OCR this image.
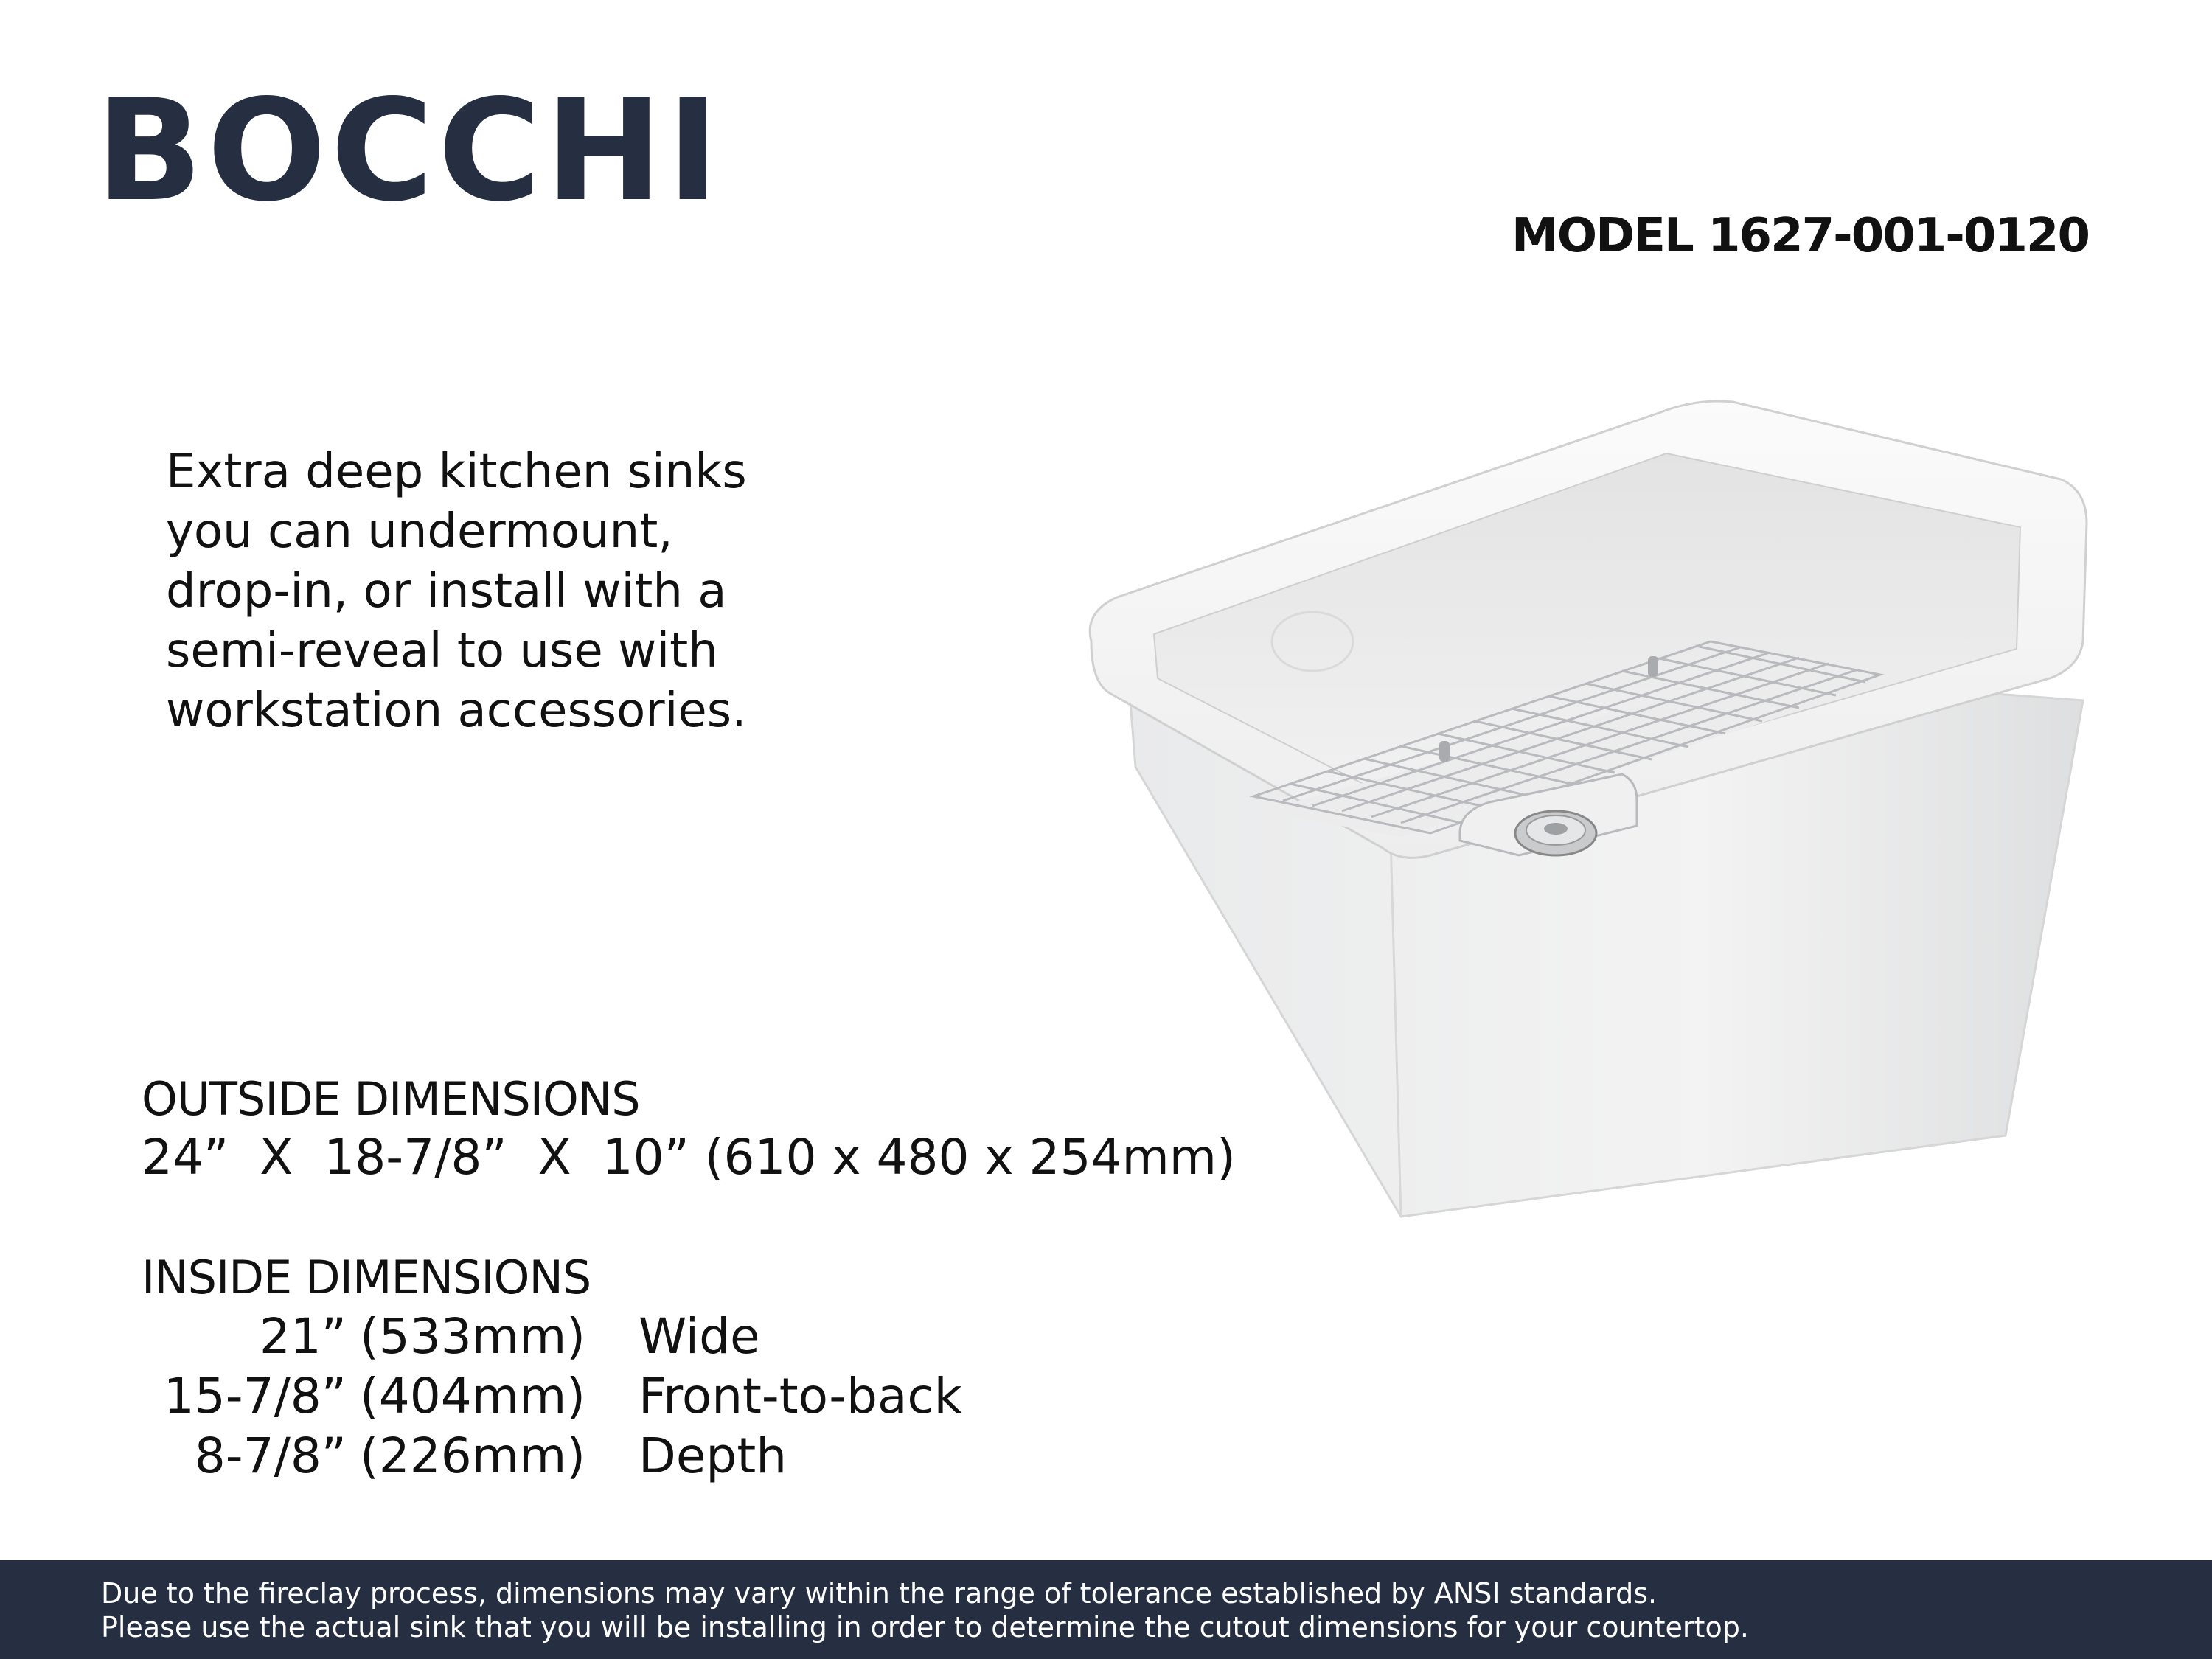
BOCCHI
MODEL 1627-001-0120
Extra deep kitchen sinks
you can undermount,
drop-in, or install with a
semi-reveal to use with
workstation accessories.
OUTSIDE DIMENSIONS
24”  X  18-7/8”  X  10” (610 x 480 x 254mm)
INSIDE DIMENSIONS
21” (533mm) Wide
15-7/8” (404mm) Front-to-back
8-7/8” (226mm) Depth

Due to the fireclay process, dimensions may vary within the range of tolerance established by ANSI standards.

Please use the actual sink that you will be installing in order to determine the cutout dimensions for your countertop.
